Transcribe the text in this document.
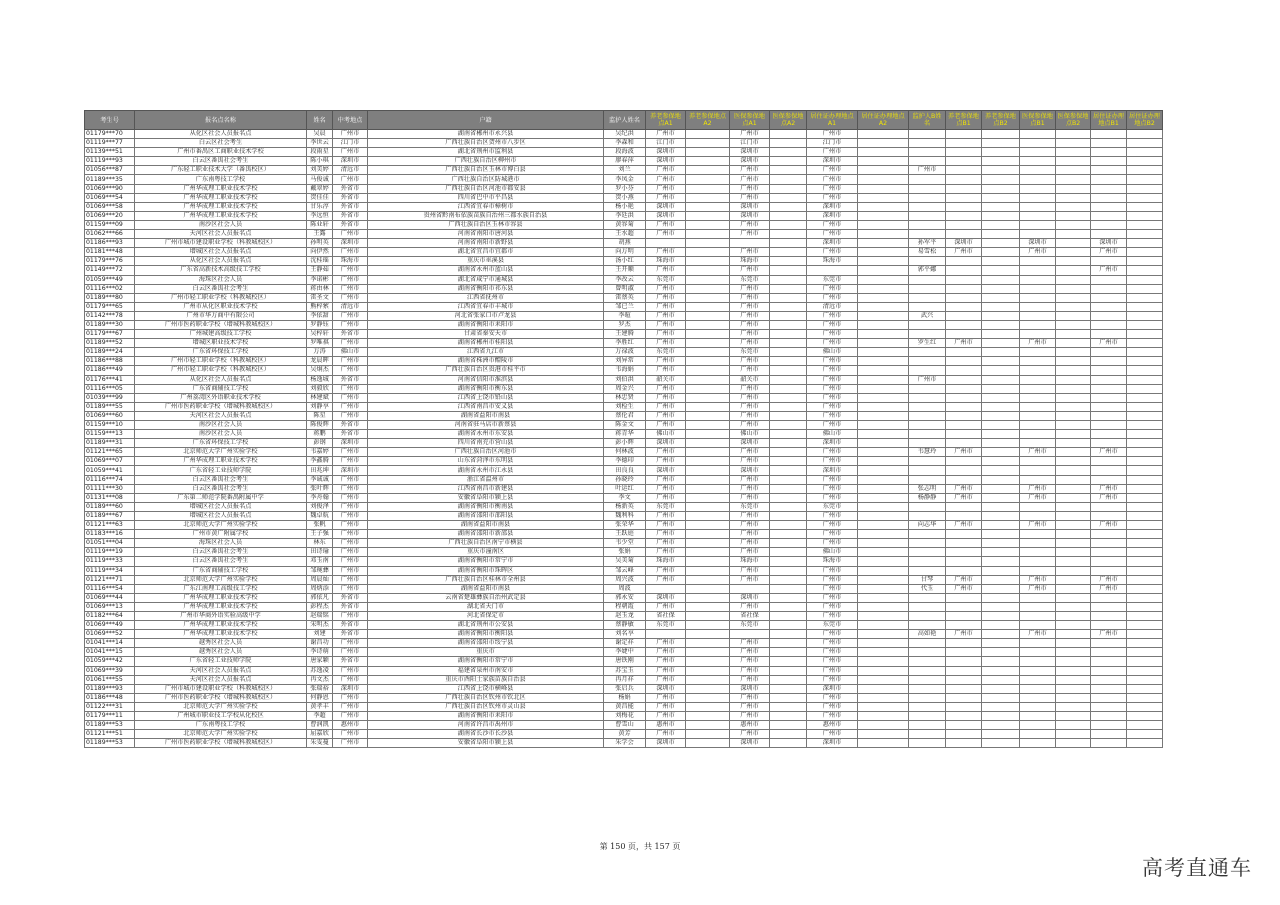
考生号	报名点名称	姓名	中考地点	户籍	监护人姓名	养老参保地点A1	养老参保地点A2	医保参保地点A1	医保参保地点A2	居住证办理地点A1	居住证办理地点A2	监护人B姓名	养老参保地点B1	养老参保地点B2	医保参保地点B1	医保参保地点B2	居住证办理地点B1	居住证办理地点B2
01179***70	从化区社会人员报名点	吴晨	广州市	湖南省郴州市永兴县	吴纪洪	广州市		广州市		广州市								
01119***77	白云区社会考生	李世云	江门市	广西壮族自治区贺州市八步区	李森和	江门市		江门市		江门市								
01139***51	广州市番禺区工商职业技术学校	段雨星	广州市	湖北省荆州市监利县	段海波	深圳市		深圳市		广州市								
01119***93	白云区番禺社会考生	陈小琪	深圳市	广西壮族自治区柳州市	廖春萍	深圳市		深圳市		深圳市								
01056***87	广东轻工职业技术大学（番禺校区）	刘美婷	清远市	广西壮族自治区玉林市博白县	刘兰	广州市		广州市		广州市		广州市						
01189***35	广东南粤技工学校	马俊诚	广州市	广西壮族自治区防城港市	李凤金	广州市		广州市		广州市								
01069***90	广州华成理工职业技术学校	戴翠婷	外省市	广西壮族自治区河池市都安县	罗小芬	广州市		广州市		广州市								
01069***54	广州华成理工职业技术学校	贺佳佳	外省市	四川省巴中市平昌县	贺小燕	广州市		广州市		广州市								
01069***58	广州华成理工职业技术学校	甘乐淳	外省市	江西省宜春市樟树市	杨小艳	深圳市		深圳市		深圳市								
01069***20	广州华成理工职业技术学校	李远恒	外省市	贵州省黔南布依族苗族自治州三都水族自治县	李廷洪	深圳市		深圳市		深圳市								
01159***09	南沙区社会人员	陈业轩	外省市	广西壮族自治区玉林市容县	黄容菊	广州市		广州市		广州市								
01062***66	天河区社会人员报名点	王露	广州市	河南省南阳市唐河县	王水超	广州市		广州市		广州市								
01186***93	广州市城市建设职业学校（科教城校区）	孙明英	深圳市	河南省南阳市新野县	胡燕					深圳市		孙军平	深圳市		深圳市		深圳市	
01181***48	增城区社会人员报名点	向伊然	广州市	湖北省宜昌市宜都市	向万明	广州市		广州市		广州市		易雪松	广州市		广州市		广州市	
01179***76	从化区社会人员报名点	沈桂瑶	珠海市	重庆市巫溪县	汤小红	珠海市		珠海市		珠海市								
01149***72	广东省高新技术高级技工学校	王静茹	广州市	湖南省永州市蓝山县	王开顺	广州市		广州市				郭平娜					广州市	
01059***49	海珠区社会人员	李诺彬	广州市	湖北省咸宁市通城县	李改云	东莞市		东莞市		东莞市								
01116***02	白云区番禺社会考生	蒋由林	广州市	湖南省衡阳市祁东县	曾明淑	广州市		广州市		广州市								
01189***80	广州市轻工职业学校（科教城校区）	雷圣文	广州市	江西省抚州市	雷蔡英	广州市		广州市		广州市								
01179***65	广州市从化区职业技术学校	熊梓萦	清远市	江西省宜春市丰城市	邹已兰	广州市		广州市		清远市								
01142***78	广州市华万商中有限公司	李依甜	广州市	河北省张家口市卢龙县	李暄	广州市		广州市		广州市		武兴						
01189***30	广州市医药职业学校（增城科教城校区）	罗静钰	广州市	湖南省衡阳市耒阳市	罗杰	广州市		广州市		广州市								
01179***67	广州城建高级技工学校	吴梓轩	外省市	甘肃省秦安天市	王建腾	广州市		广州市		广州市								
01189***52	增城区职业技术学校	罗唯祺	广州市	湖南省郴州市桂阳县	李胜红	广州市		广州市		广州市		罗生红	广州市		广州市		广州市	
01189***24	广东省环保技工学校	万涛	佛山市	江西省九江市	万禄波	东莞市		东莞市		佛山市								
01186***88	广州市轻工职业学校（科教城校区）	龙晨晖	广州市	湖南省株洲市醴陵市	刘异常	广州市		广州市		广州市								
01186***49	广州市轻工职业学校（科教城校区）	吴炯杰	广州市	广西壮族自治区贵港市桂平市	韦海娟	广州市		广州市		广州市								
01176***41	从化区社会人员报名点	杨逸城	外省市	河南省信阳市淮滨县	刘伯洪	韶关市		韶关市		广州市		广州市						
01116***05	广东省商辅技工学校	刘毅欣	广州市	湖南省衡阳市衡东县	周金兴	广州市		广州市		广州市								
01039***99	广州荔湾区外语职业技术学校	林建斌	广州市	江西省上饶市铅山县	林忠贤	广州市		广州市		广州市								
01189***55	广州市医药职业学校（增城科教城校区）	刘静享	广州市	江西省南昌市安义县	刘检生	广州市		广州市		广州市								
01069***60	天河区社会人员报名点	陈星	广州市	湖南省益阳市南县	蔡伦君	广州市		广州市		广州市								
01159***10	南沙区社会人员	陈俊辉	外省市	河南省驻马店市新蔡县	陈金文	广州市		广州市		广州市								
01159***13	南沙区社会人员	蒋鹏	外省市	湖南省永州市东安县	蒋青华	佛山市		佛山市		佛山市								
01189***31	广东省环保技工学校	彭钢	深圳市	四川省南充市营山县	彭小辉	深圳市		深圳市		深圳市								
01121***65	北京师范大学广州实验学校	韦嘉婷	广州市	广西壮族自治区河池市	何林波	广州市		广州市		广州市		韦慧玲	广州市		广州市		广州市	
01069***07	广州华成理工职业技术学校	李鑫腾	广州市	山东省菏泽市东明县	李德印	广州市		广州市		广州市								
01059***41	广东省轻工业技师学院	田兆坤	深圳市	湖南省永州市江永县	田良良	深圳市		深圳市		深圳市								
01116***74	白云区番禺社会考生	李诚诚	广州市	浙江省温州市	孙晓玲	广州市		广州市		广州市								
01111***30	白云区番禺社会考生	张叶辉	广州市	江西省南昌市新建县	叶运红	广州市		广州市		广州市		张志明	广州市		广州市		广州市	
01131***08	广东第二师范学院番禺附属中学	李舟翰	广州市	安徽省阜阳市颍上县	李文	广州市		广州市		广州市		杨静静	广州市		广州市		广州市	
01189***60	增城区社会人员报名点	刘俊泽	广州市	湖南省衡阳市衡南县	杨新英	东莞市		东莞市		东莞市								
01189***67	增城区社会人员报名点	魏卓航	广州市	湖南省邵阳市邵阳县	魏利科	广州市		广州市		广州市								
01121***63	北京师范大学广州实验学校	张帆	广州市	湖南省益阳市南县	张荣华	广州市		广州市		广州市		向志华	广州市		广州市		广州市	
01183***16	广州市黄广附属学校	王子强	广州市	湖南省邵阳市新邵县	王跃庭	广州市		广州市		广州市								
01051***04	海珠区社会人员	林东	广州市	广西壮族自治区南宁市横县	韦少堂	广州市		广州市		广州市								
01119***19	白云区番禺社会考生	田诗瑜	广州市	重庆市潼南区	张娟	广州市		广州市		佛山市								
01119***33	白云区番禺社会考生	邓玉南	广州市	湖南省衡阳市常宁市	吴美菊	珠海市		珠海市		珠海市								
01119***34	广东省商辅技工学校	邹琬彝	广州市	湖南省衡阳市珠晖区	邹云峰	广州市		广州市		广州市								
01121***71	北京师范大学广州实验学校	周晨灿	广州市	广西壮族自治区桂林市全州县	周兴波	广州市		广州市		广州市		甘琴	广州市		广州市		广州市	
01116***54	广东江南理工高级技工学校	周炳添	广州市	湖南省益阳市南县	周波					广州市		代玉	广州市		广州市		广州市	
01069***44	广州华成理工职业技术学校	郭依凡	外省市	云南省楚雄彝族自治州武定县	郭永安	深圳市		深圳市		广州市								
01069***13	广州华成理工职业技术学校	彭程杰	外省市	湖北省天门市	程朝霞	广州市		广州市		广州市								
01182***64	广州市华商外语实验高级中学	赵瑞铭	广州市	河北省保定市	赵玉龙	省社保		省社保		广州市								
01069***49	广州华成理工职业技术学校	宋明杰	外省市	湖北省荆州市公安县	蔡静敏	东莞市		东莞市		东莞市								
01069***52	广州华成理工职业技术学校	刘建	外省市	湖南省衡阳市衡阳县	刘名享					广州市		高如艳	广州市		广州市		广州市	
01041***14	越秀区社会人员	谢昌功	广州市	湖南省邵阳市绥宁县	谢定祥	广州市		广州市		广州市								
01041***15	越秀区社会人员	李诗萌	广州市	重庆市	李婕中	广州市		广州市		广州市								
01059***42	广东省轻工业技师学院	唐家颖	外省市	湖南省衡阳市常宁市	唐铁刚	广州市		广州市		广州市								
01069***39	天河区社会人员报名点	苏逸凌	广州市	福建省泉州市南安市	苏宝玉	广州市		广州市		广州市								
01061***55	天河区社会人员报名点	冉文杰	广州市	重庆市酉阳土家族苗族自治县	冉月祥	广州市		广州市		广州市								
01189***93	广州市城市建设职业学校（科教城校区）	张瑞裕	深圳市	江西省上饶市横峰县	张启兵	深圳市		深圳市		深圳市								
01186***48	广州市医药职业学校（增城科教城校区）	何静恩	广州市	广西壮族自治区钦州市钦北区	杨娟	广州市		广州市		广州市								
01122***31	北京师范大学广州实验学校	黄孝丰	广州市	广西壮族自治区钦州市灵山县	黄昌能	广州市		广州市		广州市								
01179***11	广州城市职业技工学校从化校区	李超	广州市	湖南省衡阳市耒阳市	刘梅花	广州市		广州市		广州市								
01189***53	广东南粤技工学校	曹润凯	惠州市	河南省许昌市禹州市	曹雪山	惠州市		惠州市		惠州市								
01121***51	北京师范大学广州实验学校	屈嘉欣	广州市	湖南省长沙市长沙县	黄芳	广州市		广州市		广州市								
01189***53	广州市医药职业学校（增城科教城校区）	朱雯蔓	广州市	安徽省阜阳市颍上县	朱学会	深圳市		深圳市		深圳市								
第 150 页，共 157 页
高考直通车
